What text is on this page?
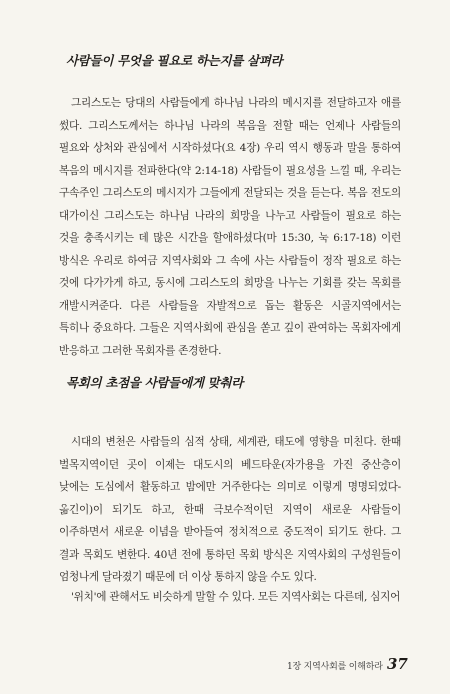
사람들이 무엇을 필요로 하는지를 살펴라

그리스도는 당대의 사람들에게 하나님 나라의 메시지를 전달하고자 애를 썼다. 그리스도께서는 하나님 나라의 복음을 전할 때는 언제나 사람들의 필요와 상처와 관심에서 시작하셨다(요 4장) 우리 역시 행동과 말을 통하여 복음의 메시지를 전파한다(약 2:14-18) 사람들이 필요성을 느낄 때, 우리는 구속주인 그리스도의 메시지가 그들에게 전달되는 것을 듣는다. 복음 전도의 대가이신 그리스도는 하나님 나라의 희망을 나누고 사람들이 필요로 하는 것을 충족시키는 데 많은 시간을 할애하셨다(마 15:30, 눅 6:17-18) 이런 방식은 우리로 하여금 지역사회와 그 속에 사는 사람들이 정작 필요로 하는 것에 다가가게 하고, 동시에 그리스도의 희망을 나누는 기회를 갖는 목회를 개발시켜준다. 다른 사람들을 자발적으로 돕는 활동은 시골지역에서는 특히나 중요하다. 그들은 지역사회에 관심을 쏟고 깊이 관여하는 목회자에게 반응하고 그러한 목회자를 존경한다.

목회의 초점을 사람들에게 맞춰라

시대의 변천은 사람들의 심적 상태, 세계관, 태도에 영향을 미친다. 한때 벌목지역이던 곳이 이제는 대도시의 베드타운(자가용을 가진 중산층이 낮에는 도심에서 활동하고 밤에만 거주한다는 의미로 이렇게 명명되었다-옮긴이)이 되기도 하고, 한때 극보수적이던 지역이 새로운 사람들이 이주하면서 새로운 이념을 받아들여 정치적으로 중도적이 되기도 한다. 그 결과 목회도 변한다. 40년 전에 통하던 목회 방식은 지역사회의 구성원들이 엄청나게 달라졌기 때문에 더 이상 통하지 않을 수도 있다.

'위치'에 관해서도 비슷하게 말할 수 있다. 모든 지역사회는 다른데, 심지어

1장 지역사회를 이해하라 37
